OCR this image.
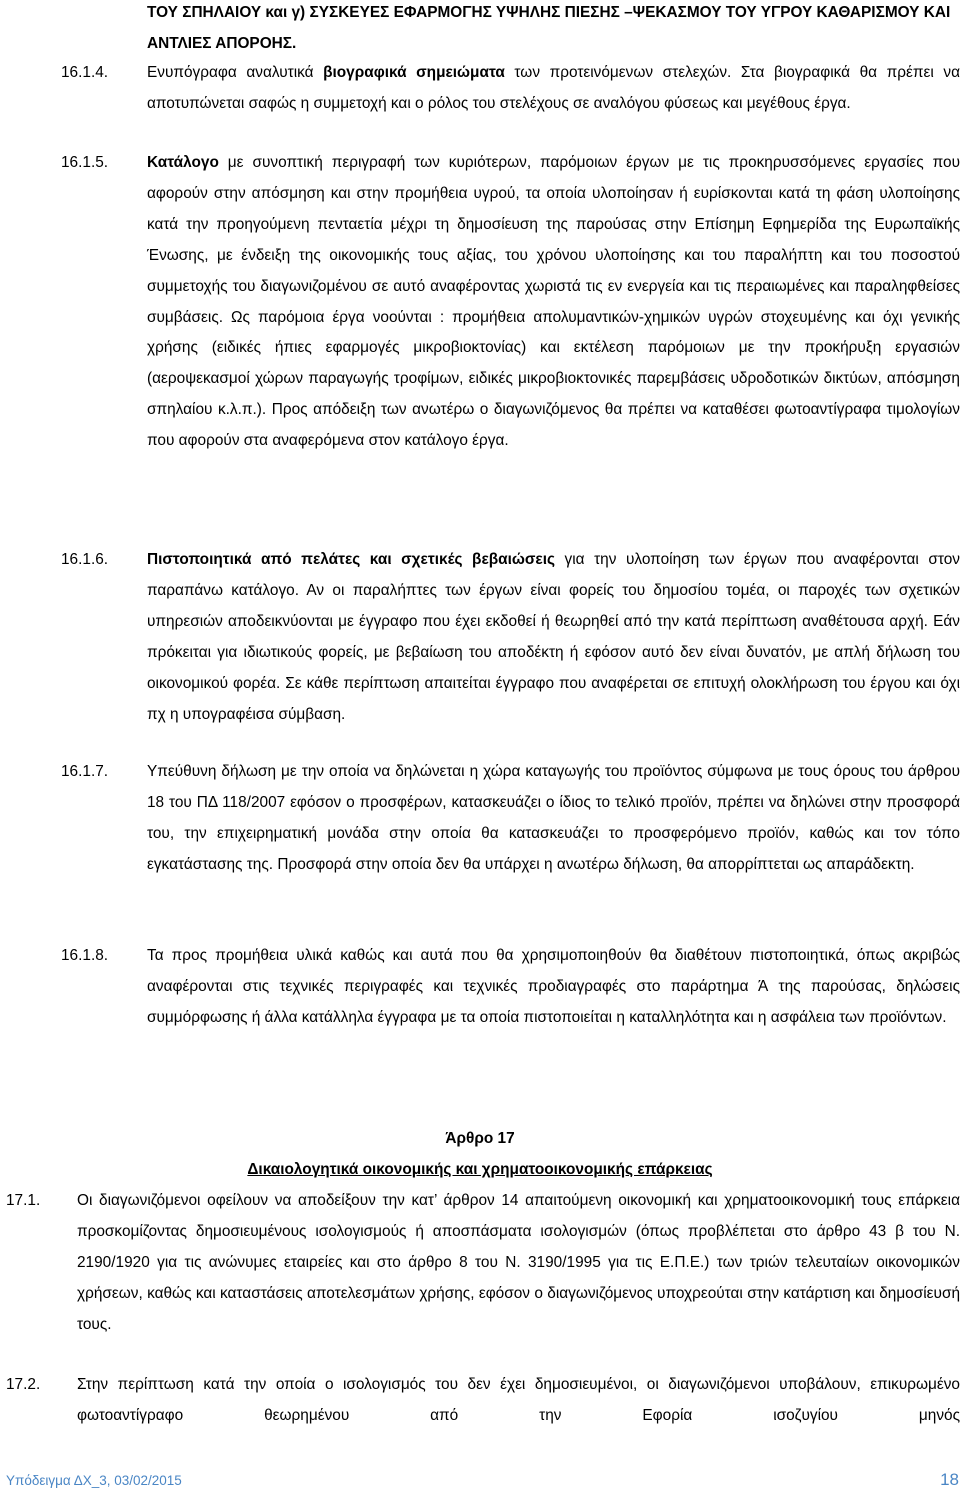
ΤΟΥ ΣΠΗΛΑΙΟΥ και γ) ΣΥΣΚΕΥΕΣ ΕΦΑΡΜΟΓΗΣ ΥΨΗΛΗΣ ΠΙΕΣΗΣ –ΨΕΚΑΣΜΟΥ ΤΟΥ ΥΓΡΟΥ ΚΑΘΑΡΙΣΜΟΥ ΚΑΙ ΑΝΤΛΙΕΣ ΑΠΟΡΟΗΣ.
16.1.4.	Ενυπόγραφα αναλυτικά βιογραφικά σημειώματα των προτεινόμενων στελεχών. Στα βιογραφικά θα πρέπει να αποτυπώνεται σαφώς η συμμετοχή και ο ρόλος του στελέχους σε αναλόγου φύσεως και μεγέθους έργα.
16.1.5.	Κατάλογο με συνοπτική περιγραφή των κυριότερων, παρόμοιων έργων με τις προκηρυσσόμενες εργασίες που αφορούν στην απόσμηση και στην προμήθεια υγρού, τα οποία υλοποίησαν ή ευρίσκονται κατά τη φάση υλοποίησης κατά την προηγούμενη πενταετία μέχρι τη δημοσίευση της παρούσας στην Επίσημη Εφημερίδα της Ευρωπαϊκής Ένωσης, με ένδειξη της οικονομικής τους αξίας, του χρόνου υλοποίησης και του παραλήπτη και του ποσοστού συμμετοχής του διαγωνιζομένου σε αυτό αναφέροντας χωριστά τις εν ενεργεία και τις περαιωμένες και παραληφθείσες συμβάσεις. Ως παρόμοια έργα νοούνται : προμήθεια απολυμαντικών-χημικών υγρών στοχευμένης και όχι γενικής χρήσης (ειδικές ήπιες εφαρμογές μικροβιοκτονίας) και εκτέλεση παρόμοιων με την προκήρυξη εργασιών (αεροψεκασμοί χώρων παραγωγής τροφίμων, ειδικές μικροβιοκτονικές παρεμβάσεις υδροδοτικών δικτύων, απόσμηση σπηλαίου κ.λ.π.). Προς απόδειξη των ανωτέρω ο διαγωνιζόμενος θα πρέπει να καταθέσει φωτοαντίγραφα τιμολογίων που αφορούν στα αναφερόμενα στον κατάλογο έργα.
16.1.6.	Πιστοποιητικά από πελάτες και σχετικές βεβαιώσεις για την υλοποίηση των έργων που αναφέρονται στον παραπάνω κατάλογο. Αν οι παραλήπτες των έργων είναι φορείς του δημοσίου τομέα, οι παροχές των σχετικών υπηρεσιών αποδεικνύονται με έγγραφο που έχει εκδοθεί ή θεωρηθεί από την κατά περίπτωση αναθέτουσα αρχή. Εάν πρόκειται για ιδιωτικούς φορείς, με βεβαίωση του αποδέκτη ή εφόσον αυτό δεν είναι δυνατόν, με απλή δήλωση του οικονομικού φορέα. Σε κάθε περίπτωση απαιτείται έγγραφο που αναφέρεται σε επιτυχή ολοκλήρωση του έργου και όχι πχ η υπογραφέισα σύμβαση.
16.1.7.	Υπεύθυνη δήλωση με την οποία να δηλώνεται η χώρα καταγωγής του προϊόντος σύμφωνα με τους όρους του άρθρου 18 του ΠΔ 118/2007 εφόσον ο προσφέρων, κατασκευάζει ο ίδιος το τελικό προϊόν, πρέπει να δηλώνει στην προσφορά του, την επιχειρηματική μονάδα στην οποία θα κατασκευάζει το προσφερόμενο προϊόν, καθώς και τον τόπο εγκατάστασης της. Προσφορά στην οποία δεν θα υπάρχει η ανωτέρω δήλωση, θα απορρίπτεται ως απαράδεκτη.
16.1.8.	Τα προς προμήθεια υλικά καθώς και αυτά που θα χρησιμοποιηθούν θα διαθέτουν πιστοποιητικά, όπως ακριβώς αναφέρονται στις τεχνικές περιγραφές και τεχνικές προδιαγραφές στο παράρτημα Ά της παρούσας, δηλώσεις συμμόρφωσης ή άλλα κατάλληλα έγγραφα με τα οποία πιστοποιείται η καταλληλότητα και η ασφάλεια των προϊόντων.
Άρθρο 17
Δικαιολογητικά οικονομικής και χρηματοοικονομικής επάρκειας
17.1. Οι διαγωνιζόμενοι οφείλουν να αποδείξουν την κατ’ άρθρον 14 απαιτούμενη οικονομική και χρηματοοικονομική τους επάρκεια προσκομίζοντας δημοσιευμένους ισολογισμούς ή αποσπάσματα ισολογισμών (όπως προβλέπεται στο άρθρο 43 β του Ν. 2190/1920 για τις ανώνυμες εταιρείες και στο άρθρο 8 του Ν. 3190/1995 για τις Ε.Π.Ε.) των τριών τελευταίων οικονομικών χρήσεων, καθώς και καταστάσεις αποτελεσμάτων χρήσης, εφόσον ο διαγωνιζόμενος υποχρεούται στην κατάρτιση και δημοσίευσή τους.
17.2. Στην περίπτωση κατά την οποία ο ισολογισμός του δεν έχει δημοσιευμένοι, οι διαγωνιζόμενοι υποβάλουν, επικυρωμένο φωτοαντίγραφο θεωρημένου από την Εφορία ισοζυγίου μηνός
Υπόδειγμα ΔΧ_3, 03/02/2015	18
